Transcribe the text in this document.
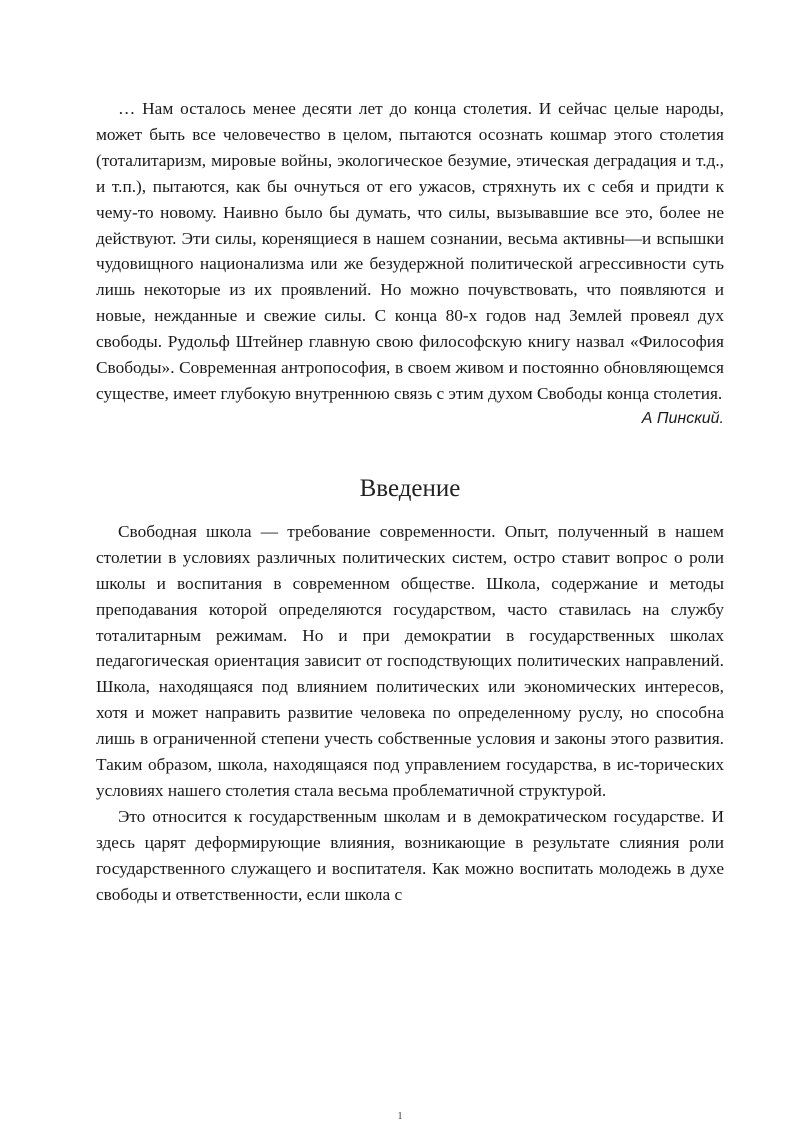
… Нам осталось менее десяти лет до конца столетия. И сейчас целые народы, может быть все человечество в целом, пытаются осознать кошмар этого столетия (тоталитаризм, мировые войны, экологическое безумие, этическая деградация и т.д., и т.п.), пытаются, как бы очнуться от его ужасов, стряхнуть их с себя и придти к чему-то новому. Наивно было бы думать, что силы, вызывавшие все это, более не действуют. Эти силы, коренящиеся в нашем сознании, весьма активны—и вспышки чудовищного национализма или же безудержной политической агрессивности суть лишь некоторые из их проявлений. Но можно почувствовать, что появляются и новые, нежданные и свежие силы. С конца 80-х годов над Землей провеял дух свободы. Рудольф Штейнер главную свою философскую книгу назвал «Философия Свободы». Современная антропософия, в своем живом и постоянно обновляющемся существе, имеет глубокую внутреннюю связь с этим духом Свободы конца столетия.

А Пинский.
Введение

Свободная школа — требование современности. Опыт, полученный в нашем столетии в условиях различных политических систем, остро ставит вопрос о роли школы и воспитания в современном обществе. Школа, содержание и методы преподавания которой определяются государством, часто ставилась на службу тоталитарным режимам. Но и при демократии в государственных школах педагогическая ориентация зависит от господствующих политических направлений. Школа, находящаяся под влиянием политических или экономических интересов, хотя и может направить развитие человека по определенному руслу, но способна лишь в ограниченной степени учесть собственные условия и законы этого развития. Таким образом, школа, находящаяся под управлением государства, в ис-торических условиях нашего столетия стала весьма проблематичной структурой.

Это относится к государственным школам и в демократическом государстве. И здесь царят деформирующие влияния, возникающие в результате слияния роли государственного служащего и воспитателя. Как можно воспитать молодежь в духе свободы и ответственности, если школа с

1
